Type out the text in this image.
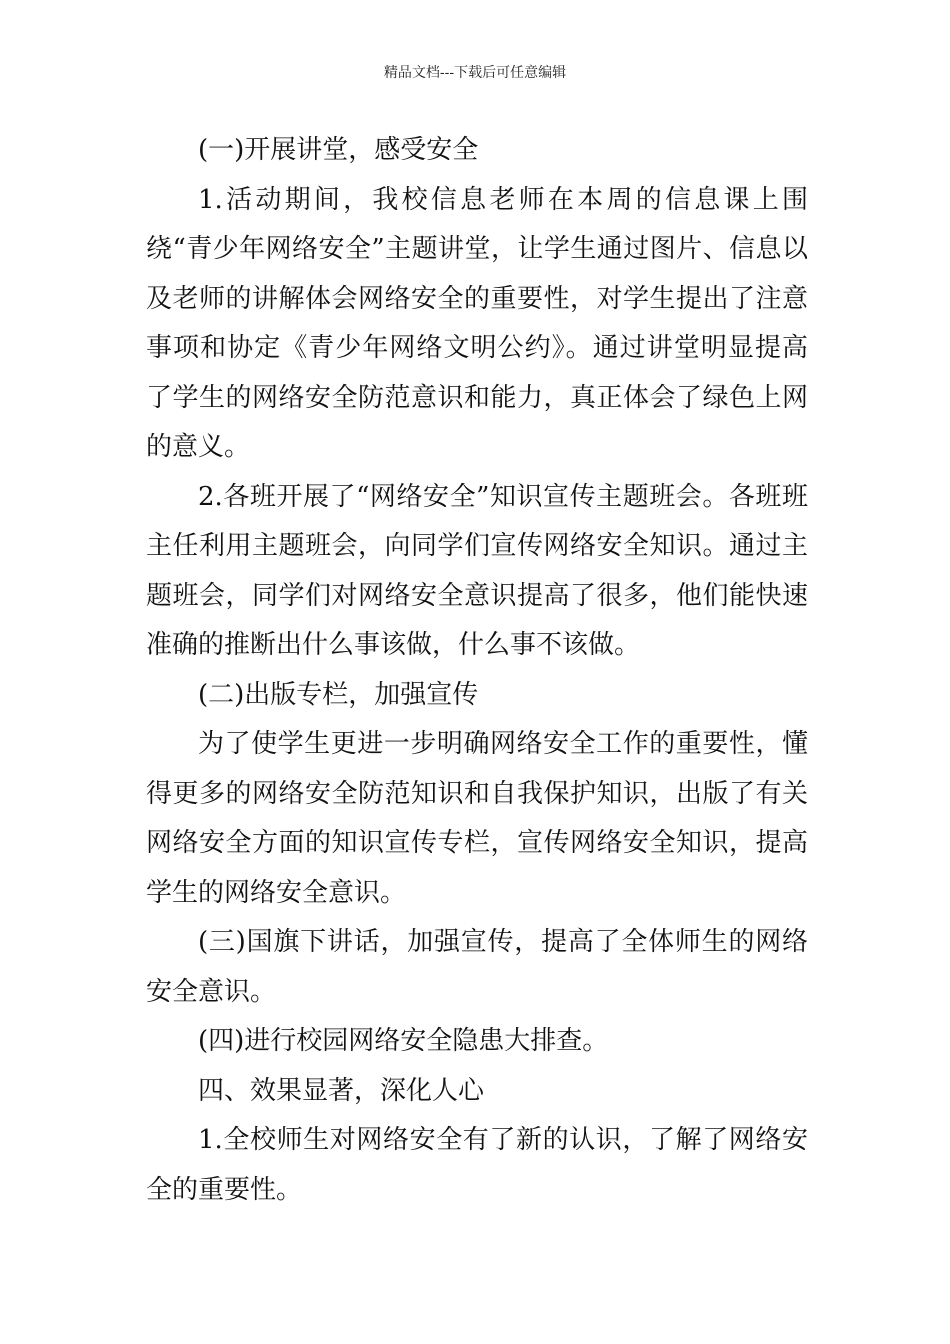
精品文档---下载后可任意编辑

(一)开展讲堂，感受安全

1.活动期间，我校信息老师在本周的信息课上围绕“青少年网络安全”主题讲堂，让学生通过图片、信息以及老师的讲解体会网络安全的重要性，对学生提出了注意事项和协定《青少年网络文明公约》。通过讲堂明显提高了学生的网络安全防范意识和能力，真正体会了绿色上网的意义。

2.各班开展了“网络安全”知识宣传主题班会。各班班主任利用主题班会，向同学们宣传网络安全知识。通过主题班会，同学们对网络安全意识提高了很多，他们能快速准确的推断出什么事该做，什么事不该做。

(二)出版专栏，加强宣传

为了使学生更进一步明确网络安全工作的重要性，懂得更多的网络安全防范知识和自我保护知识，出版了有关网络安全方面的知识宣传专栏，宣传网络安全知识，提高学生的网络安全意识。

(三)国旗下讲话，加强宣传，提高了全体师生的网络安全意识。

(四)进行校园网络安全隐患大排查。

四、效果显著，深化人心

1.全校师生对网络安全有了新的认识，了解了网络安全的重要性。
